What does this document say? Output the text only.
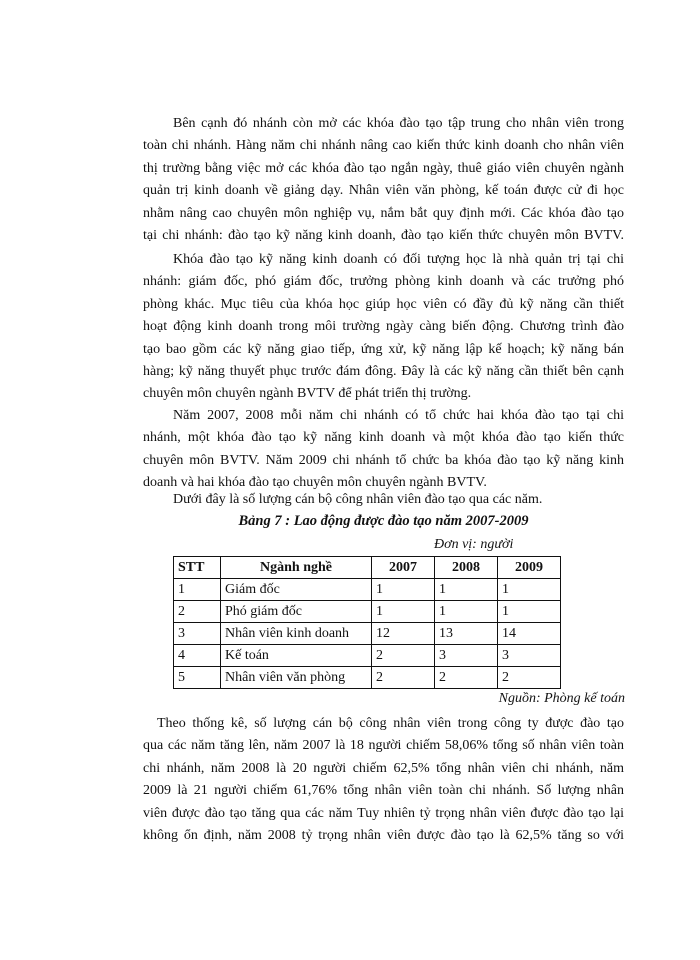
Bên cạnh đó nhánh còn mở các khóa đào tạo tập trung cho nhân viên trong
toàn chi nhánh. Hàng năm chi nhánh nâng cao kiến thức kinh doanh cho nhân viên
thị trường bằng việc mở các khóa đào tạo ngắn ngày, thuê giáo viên chuyên ngành
quản trị kinh doanh về giảng dạy. Nhân viên văn phòng, kế toán được cử đi học
nhằm nâng cao chuyên môn nghiệp vụ, nắm bắt quy định mới. Các khóa đào tạo
tại chi nhánh: đào tạo kỹ năng kinh doanh, đào tạo kiến thức chuyên môn BVTV.
Khóa đào tạo kỹ năng kinh doanh có đối tượng học là nhà quản trị tại chi
nhánh: giám đốc, phó giám đốc, trưởng phòng kinh doanh và các trưởng phó
phòng khác. Mục tiêu của khóa học giúp học viên có đầy đủ kỹ năng cần thiết
hoạt động kinh doanh trong môi trường ngày càng biến động. Chương trình đào
tạo bao gồm các kỹ năng giao tiếp, ứng xử, kỹ năng lập kế hoạch; kỹ năng bán
hàng; kỹ năng thuyết phục trước đám đông. Đây là các kỹ năng cần thiết bên cạnh
chuyên môn chuyên ngành BVTV để phát triển thị trường.
Năm 2007, 2008 mỗi năm chi nhánh có tổ chức hai khóa đào tạo tại chi
nhánh, một khóa đào tạo kỹ năng kinh doanh và một khóa đào tạo kiến thức
chuyên môn BVTV. Năm 2009 chi nhánh tổ chức ba khóa đào tạo kỹ năng kinh
doanh và hai khóa đào tạo chuyên môn chuyên ngành BVTV.
Dưới đây là số lượng cán bộ công nhân viên đào tạo qua các năm.

Bảng 7 : Lao động được đào tạo năm 2007-2009

Đơn vị: người

STT	Ngành nghề	2007	2008	2009
1	Giám đốc	1	1	1
2	Phó giám đốc	1	1	1
3	Nhân viên kinh doanh	12	13	14
4	Kế toán	2	3	3
5	Nhân viên văn phòng	2	2	2

Nguồn: Phòng kế toán

Theo thống kê, số lượng cán bộ công nhân viên trong công ty được đào tạo
qua các năm tăng lên, năm 2007 là 18 người chiếm 58,06% tổng số nhân viên toàn
chi nhánh, năm 2008 là 20 người chiếm 62,5% tổng nhân viên chi nhánh, năm
2009 là 21 người chiếm 61,76% tổng nhân viên toàn chi nhánh. Số lượng nhân
viên được đào tạo tăng qua các năm Tuy nhiên tỷ trọng nhân viên được đào tạo lại
không ổn định, năm 2008 tỷ trọng nhân viên được đào tạo là 62,5% tăng so với
